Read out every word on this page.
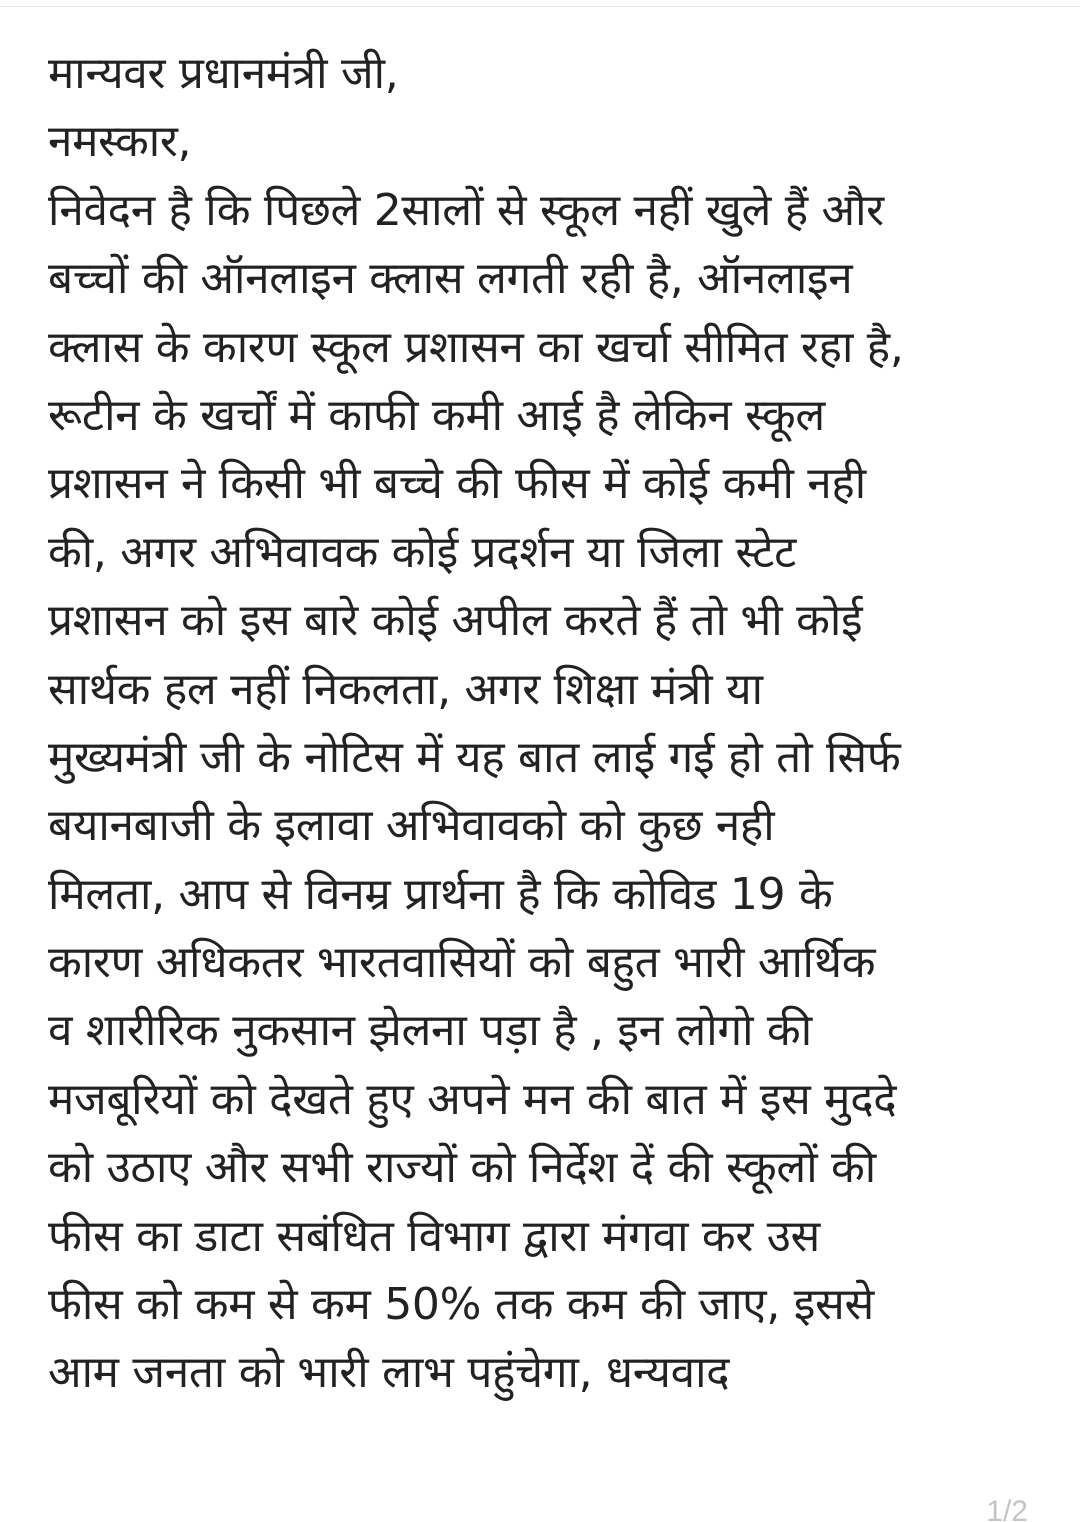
मान्यवर प्रधानमंत्री जी,
नमस्कार,
निवेदन है कि पिछले 2सालों से स्कूल नहीं खुले हैं और
बच्चों की ऑनलाइन क्लास लगती रही है, ऑनलाइन
क्लास के कारण स्कूल प्रशासन का खर्चा सीमित रहा है,
रूटीन के खर्चों में काफी कमी आई है लेकिन स्कूल
प्रशासन ने किसी भी बच्चे की फीस में कोई कमी नही
की, अगर अभिवावक कोई प्रदर्शन या जिला स्टेट
प्रशासन को इस बारे कोई अपील करते हैं तो भी कोई
सार्थक हल नहीं निकलता, अगर शिक्षा मंत्री या
मुख्यमंत्री जी के नोटिस में यह बात लाई गई हो तो सिर्फ
बयानबाजी के इलावा अभिवावको को कुछ नही
मिलता, आप से विनम्र प्रार्थना है कि कोविड 19 के
कारण अधिकतर भारतवासियों को बहुत भारी आर्थिक
व शारीरिक नुकसान झेलना पड़ा है , इन लोगो की
मजबूरियों को देखते हुए अपने मन की बात में इस मुददे
को उठाए और सभी राज्यों को निर्देश दें की स्कूलों की
फीस का डाटा सबंधित विभाग द्वारा मंगवा कर उस
फीस को कम से कम 50% तक कम की जाए, इससे
आम जनता को भारी लाभ पहुंचेगा, धन्यवाद
1/2
